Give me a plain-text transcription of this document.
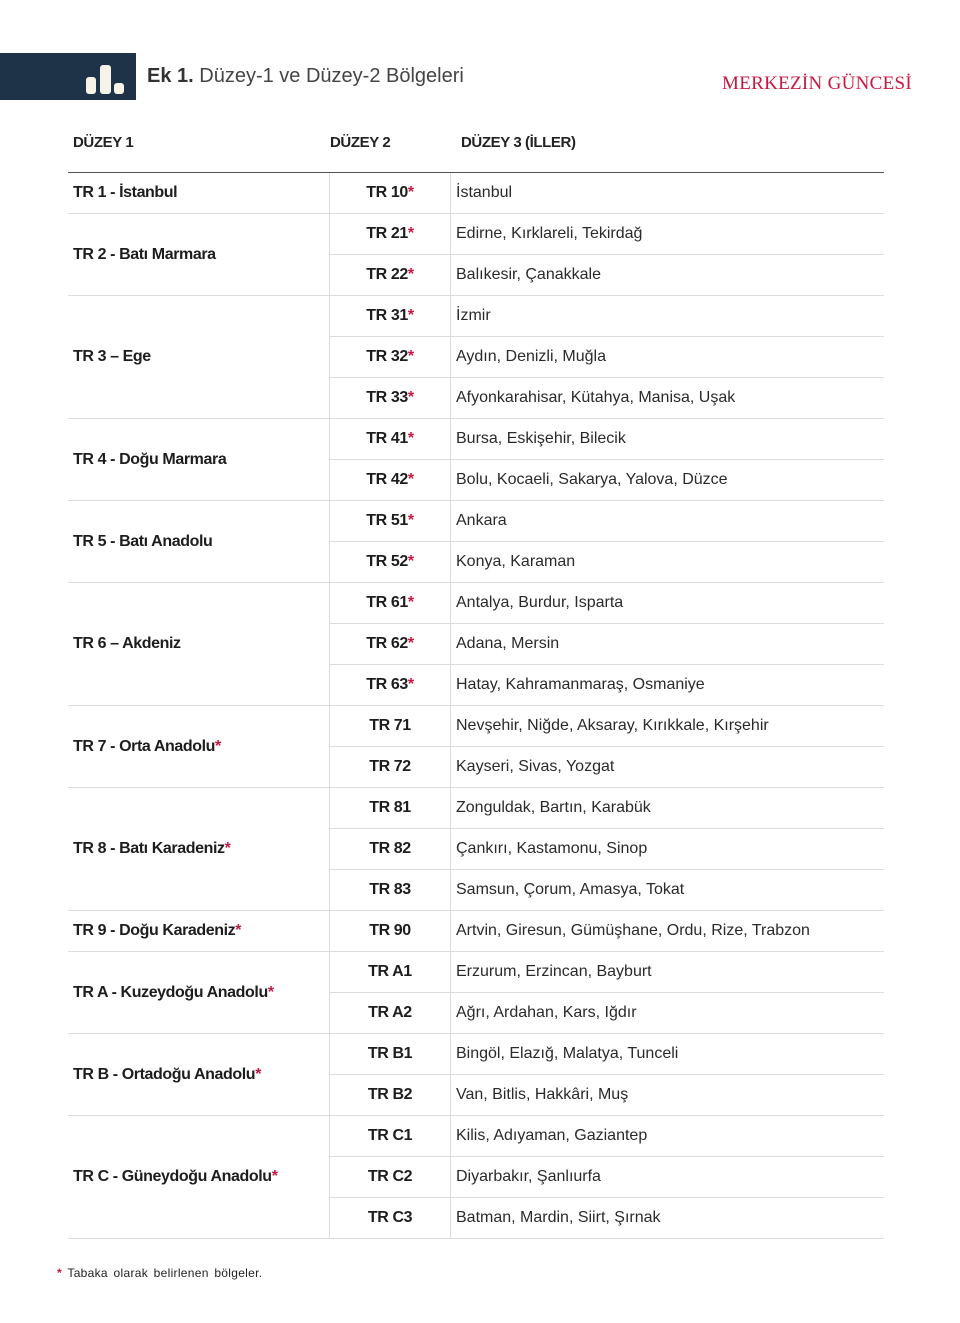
Ek 1. Düzey-1 ve Düzey-2 Bölgeleri	MERKEZİN GÜNCESİ
DÜZEY 1	DÜZEY 2	DÜZEY 3 (İLLER)
TR 1 - İstanbul	TR 10*	İstanbul
TR 2 - Batı Marmara	TR 21*	Edirne, Kırklareli, Tekirdağ
	TR 22*	Balıkesir, Çanakkale
TR 3 – Ege	TR 31*	İzmir
	TR 32*	Aydın, Denizli, Muğla
	TR 33*	Afyonkarahisar, Kütahya, Manisa, Uşak
TR 4 - Doğu Marmara	TR 41*	Bursa, Eskişehir, Bilecik
	TR 42*	Bolu, Kocaeli, Sakarya, Yalova, Düzce
TR 5 - Batı Anadolu	TR 51*	Ankara
	TR 52*	Konya, Karaman
TR 6 – Akdeniz	TR 61*	Antalya, Burdur, Isparta
	TR 62*	Adana, Mersin
	TR 63*	Hatay, Kahramanmaraş, Osmaniye
TR 7 - Orta Anadolu*	TR 71	Nevşehir, Niğde, Aksaray, Kırıkkale, Kırşehir
	TR 72	Kayseri, Sivas, Yozgat
TR 8 - Batı Karadeniz*	TR 81	Zonguldak, Bartın, Karabük
	TR 82	Çankırı, Kastamonu, Sinop
	TR 83	Samsun, Çorum, Amasya, Tokat
TR 9 - Doğu Karadeniz*	TR 90	Artvin, Giresun, Gümüşhane, Ordu, Rize, Trabzon
TR A - Kuzeydoğu Anadolu*	TR A1	Erzurum, Erzincan, Bayburt
	TR A2	Ağrı, Ardahan, Kars, Iğdır
TR B - Ortadoğu Anadolu*	TR B1	Bingöl, Elazığ, Malatya, Tunceli
	TR B2	Van, Bitlis, Hakkâri, Muş
TR C - Güneydoğu Anadolu*	TR C1	Kilis, Adıyaman, Gaziantep
	TR C2	Diyarbakır, Şanlıurfa
	TR C3	Batman, Mardin, Siirt, Şırnak
* Tabaka olarak belirlenen bölgeler.
